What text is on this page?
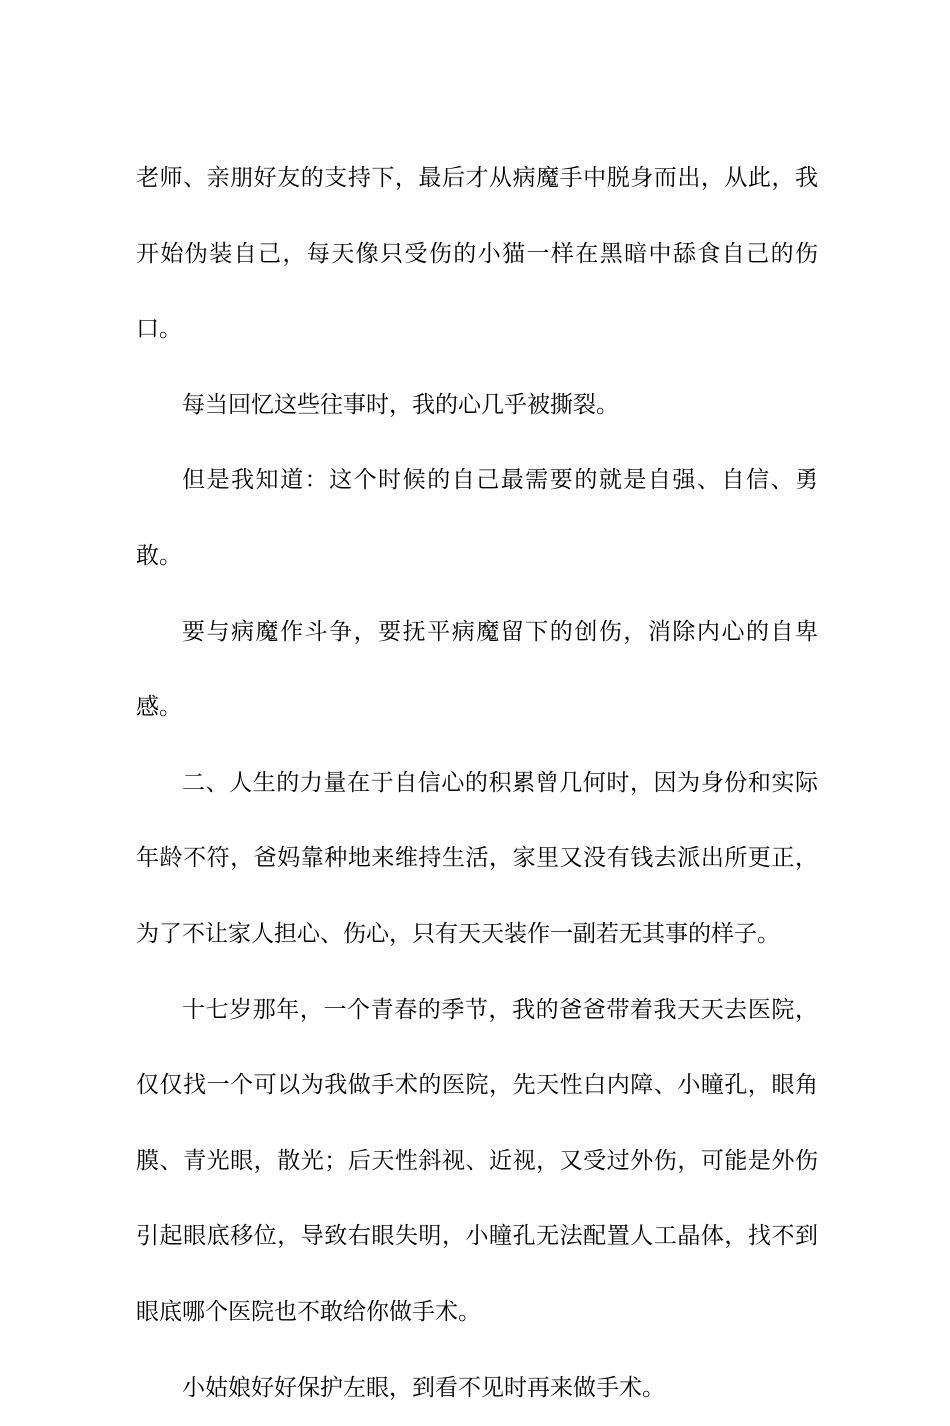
老师、亲朋好友的支持下，最后才从病魔手中脱身而出，从此，我开始伪装自己，每天像只受伤的小猫一样在黑暗中舔食自己的伤口。

每当回忆这些往事时，我的心几乎被撕裂。

但是我知道：这个时候的自己最需要的就是自强、自信、勇敢。

要与病魔作斗争，要抚平病魔留下的创伤，消除内心的自卑感。

二、人生的力量在于自信心的积累曾几何时，因为身份和实际年龄不符，爸妈靠种地来维持生活，家里又没有钱去派出所更正，为了不让家人担心、伤心，只有天天装作一副若无其事的样子。

十七岁那年，一个青春的季节，我的爸爸带着我天天去医院，仅仅找一个可以为我做手术的医院，先天性白内障、小瞳孔，眼角膜、青光眼，散光；后天性斜视、近视，又受过外伤，可能是外伤引起眼底移位，导致右眼失明，小瞳孔无法配置人工晶体，找不到眼底哪个医院也不敢给你做手术。

小姑娘好好保护左眼，到看不见时再来做手术。
